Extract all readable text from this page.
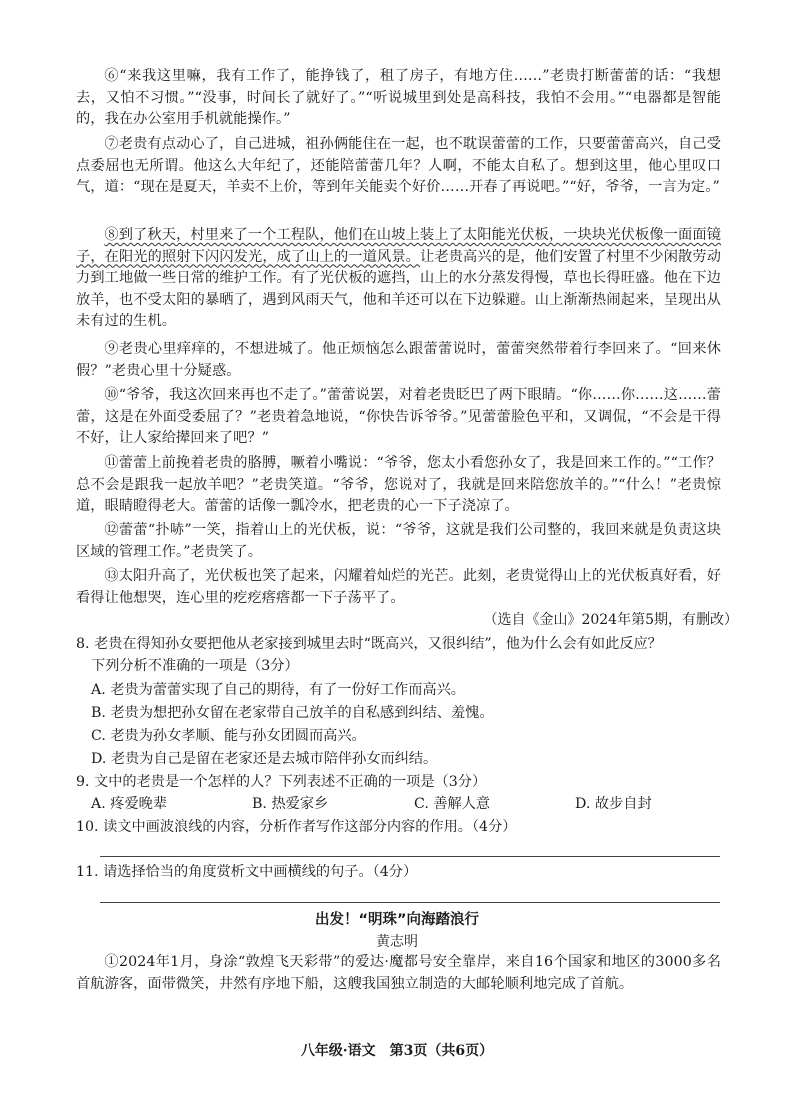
⑥“来我这里嘛，我有工作了，能挣钱了，租了房子，有地方住……”老贵打断蕾蕾的话：“我想去，又怕不习惯。”“没事，时间长了就好了。”“听说城里到处是高科技，我怕不会用。”“电器都是智能的，我在办公室用手机就能操作。”

⑦老贵有点动心了，自己进城，祖孙俩能住在一起，也不耽误蕾蕾的工作，只要蕾蕾高兴，自己受点委屈也无所谓。他这么大年纪了，还能陪蕾蕾几年？人啊，不能太自私了。想到这里，他心里叹口气，道：“现在是夏天，羊卖不上价，等到年关能卖个好价……开春了再说吧。”“好，爷爷，一言为定。”

⑧到了秋天，村里来了一个工程队，他们在山坡上装上了太阳能光伏板，一块块光伏板像一面面镜子，在阳光的照射下闪闪发光，成了山上的一道风景。让老贵高兴的是，他们安置了村里不少闲散劳动力到工地做一些日常的维护工作。有了光伏板的遮挡，山上的水分蒸发得慢，草也长得旺盛。他在下边放羊，也不受太阳的暴晒了，遇到风雨天气，他和羊还可以在下边躲避。山上渐渐热闹起来，呈现出从未有过的生机。

⑨老贵心里痒痒的，不想进城了。他正烦恼怎么跟蕾蕾说时，蕾蕾突然带着行李回来了。“回来休假？”老贵心里十分疑惑。

⑩“爷爷，我这次回来再也不走了。”蕾蕾说罢，对着老贵眨巴了两下眼睛。“你……你……这……蕾蕾，这是在外面受委屈了？”老贵着急地说，“你快告诉爷爷。”见蕾蕾脸色平和，又调侃，“不会是干得不好，让人家给撵回来了吧？”

⑪蕾蕾上前挽着老贵的胳膊，噘着小嘴说：“爷爷，您太小看您孙女了，我是回来工作的。”“工作？总不会是跟我一起放羊吧？”老贵笑道。“爷爷，您说对了，我就是回来陪您放羊的。”“什么！”老贵惊道，眼睛瞪得老大。蕾蕾的话像一瓢冷水，把老贵的心一下子浇凉了。

⑫蕾蕾“扑哧”一笑，指着山上的光伏板，说：“爷爷，这就是我们公司整的，我回来就是负责这块区域的管理工作。”老贵笑了。

⑬太阳升高了，光伏板也笑了起来，闪耀着灿烂的光芒。此刻，老贵觉得山上的光伏板真好看，好看得让他想哭，连心里的疙疙瘩瘩都一下子荡平了。

（选自《金山》2024年第5期，有删改）

8. 老贵在得知孙女要把他从老家接到城里去时“既高兴，又很纠结”，他为什么会有如此反应？
下列分析不准确的一项是（3分）

A. 老贵为蕾蕾实现了自己的期待，有了一份好工作而高兴。

B. 老贵为想把孙女留在老家带自己放羊的自私感到纠结、羞愧。

C. 老贵为孙女孝顺、能与孙女团圆而高兴。

D. 老贵为自己是留在老家还是去城市陪伴孙女而纠结。

9. 文中的老贵是一个怎样的人？下列表述不正确的一项是（3分）

A. 疼爱晚辈	B. 热爱家乡	C. 善解人意	D. 故步自封

10. 读文中画波浪线的内容，分析作者写作这部分内容的作用。（4分）

11. 请选择恰当的角度赏析文中画横线的句子。（4分）

出发！“明珠”向海踏浪行

黄志明

①2024年1月，身涂“敦煌飞天彩带”的爱达·魔都号安全靠岸，来自16个国家和地区的3000多名首航游客，面带微笑，井然有序地下船，这艘我国独立制造的大邮轮顺利地完成了首航。

八年级·语文　第3页（共6页）
